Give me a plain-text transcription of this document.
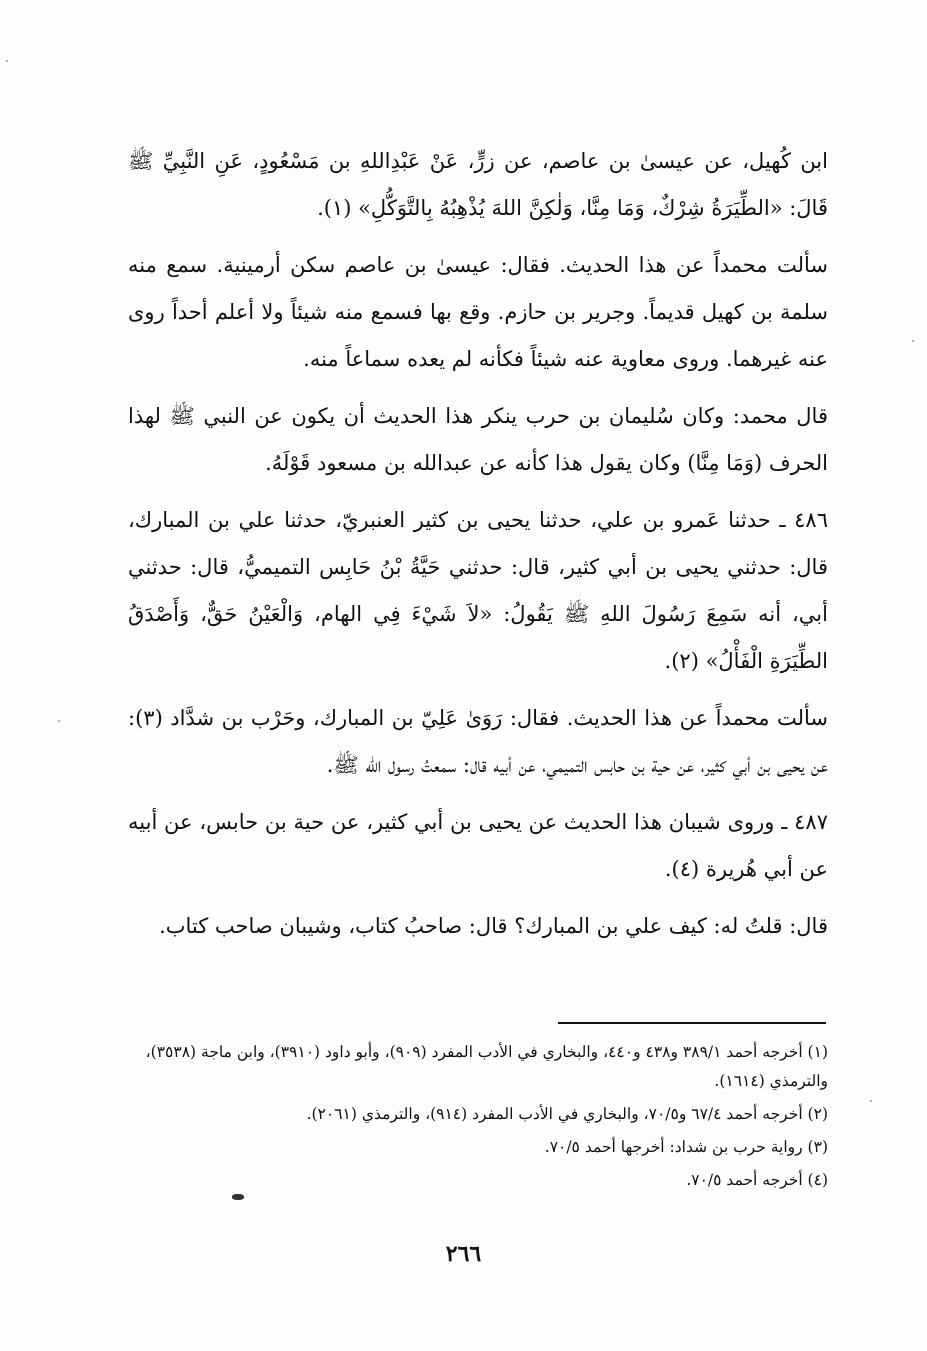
ابن كُهيل، عن عيسىٰ بن عاصم، عن زرٍّ، عَنْ عَبْدِاللهِ بن مَسْعُودٍ، عَنِ النَّبِيِّ ﷺ قَالَ: «الطِّيَرَةُ شِرْكٌ، وَمَا مِنَّا، وَلٰكِنَّ اللهَ يُذْهِبُهُ بِالتَّوَكُّلِ» (١).

سألت محمداً عن هذا الحديث. فقال: عيسىٰ بن عاصم سكن أرمينية. سمع منه سلمة بن كهيل قديماً. وجرير بن حازم. وقع بها فسمع منه شيئاً ولا أعلم أحداً روى عنه غيرهما. وروى معاوية عنه شيئاً فكأنه لم يعده سماعاً منه.

قال محمد: وكان سُليمان بن حرب ينكر هذا الحديث أن يكون عن النبي ﷺ لهذا الحرف (وَمَا مِنَّا) وكان يقول هذا كأنه عن عبدالله بن مسعود قَوْلَهُ.

٤٨٦ ـ حدثنا عَمرو بن علي، حدثنا يحيى بن كثير العنبريّ، حدثنا علي بن المبارك، قال: حدثني يحيى بن أبي كثير، قال: حدثني حَيَّةُ بْنُ حَابِس التميميُّ، قال: حدثني أبي، أنه سَمِعَ رَسُولَ اللهِ ﷺ يَقُولُ: «لاَ شَيْءَ فِي الهام، وَالْعَيْنُ حَقٌّ، وَأَصْدَقُ الطِّيَرَةِ الْفَأْلُ» (٢).

سألت محمداً عن هذا الحديث. فقال: رَوَىٰ عَلِيّ بن المبارك، وحَرْب بن شدَّاد (٣): عن يحيى بن أبي كثير، عن حية بن حابس التميمي، عن أبيه قال: سمعتُ رسول الله ﷺ.

٤٨٧ ـ وروى شيبان هذا الحديث عن يحيى بن أبي كثير، عن حية بن حابس، عن أبيه عن أبي هُريرة (٤).

قال: قلتُ له: كيف علي بن المبارك؟ قال: صاحبُ كتاب، وشيبان صاحب كتاب.

(١) أخرجه أحمد ٣٨٩/١ و٤٣٨ و٤٤٠، والبخاري في الأدب المفرد (٩٠٩)، وأبو داود (٣٩١٠)، وابن ماجة (٣٥٣٨)، والترمذي (١٦١٤).

(٢) أخرجه أحمد ٦٧/٤ و٧٠/٥، والبخاري في الأدب المفرد (٩١٤)، والترمذي (٢٠٦١).

(٣) رواية حرب بن شداد: أخرجها أحمد ٧٠/٥.

(٤) أخرجه أحمد ٧٠/٥.

٢٦٦
